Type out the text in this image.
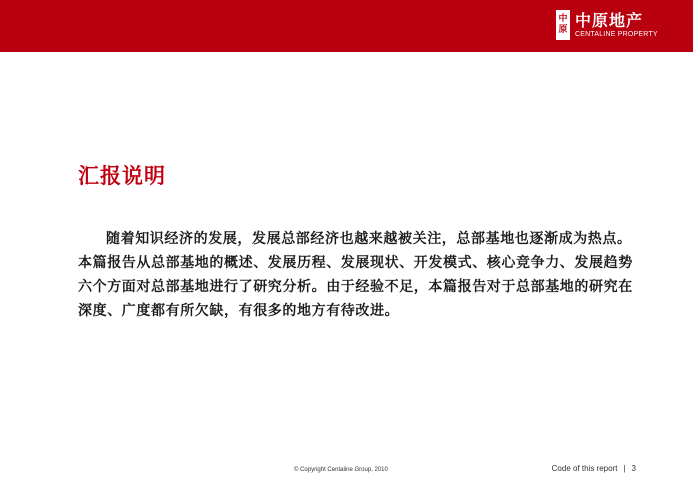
中原
中原地产
CENTALINE PROPERTY
汇报说明

随着知识经济的发展，发展总部经济也越来越被关注，总部基地也逐渐成为热点。本篇报告从总部基地的概述、发展历程、发展现状、开发模式、核心竞争力、发展趋势六个方面对总部基地进行了研究分析。由于经验不足，本篇报告对于总部基地的研究在深度、广度都有所欠缺，有很多的地方有待改进。

© Copyright Centaline Group, 2010	Code of this report | 3
